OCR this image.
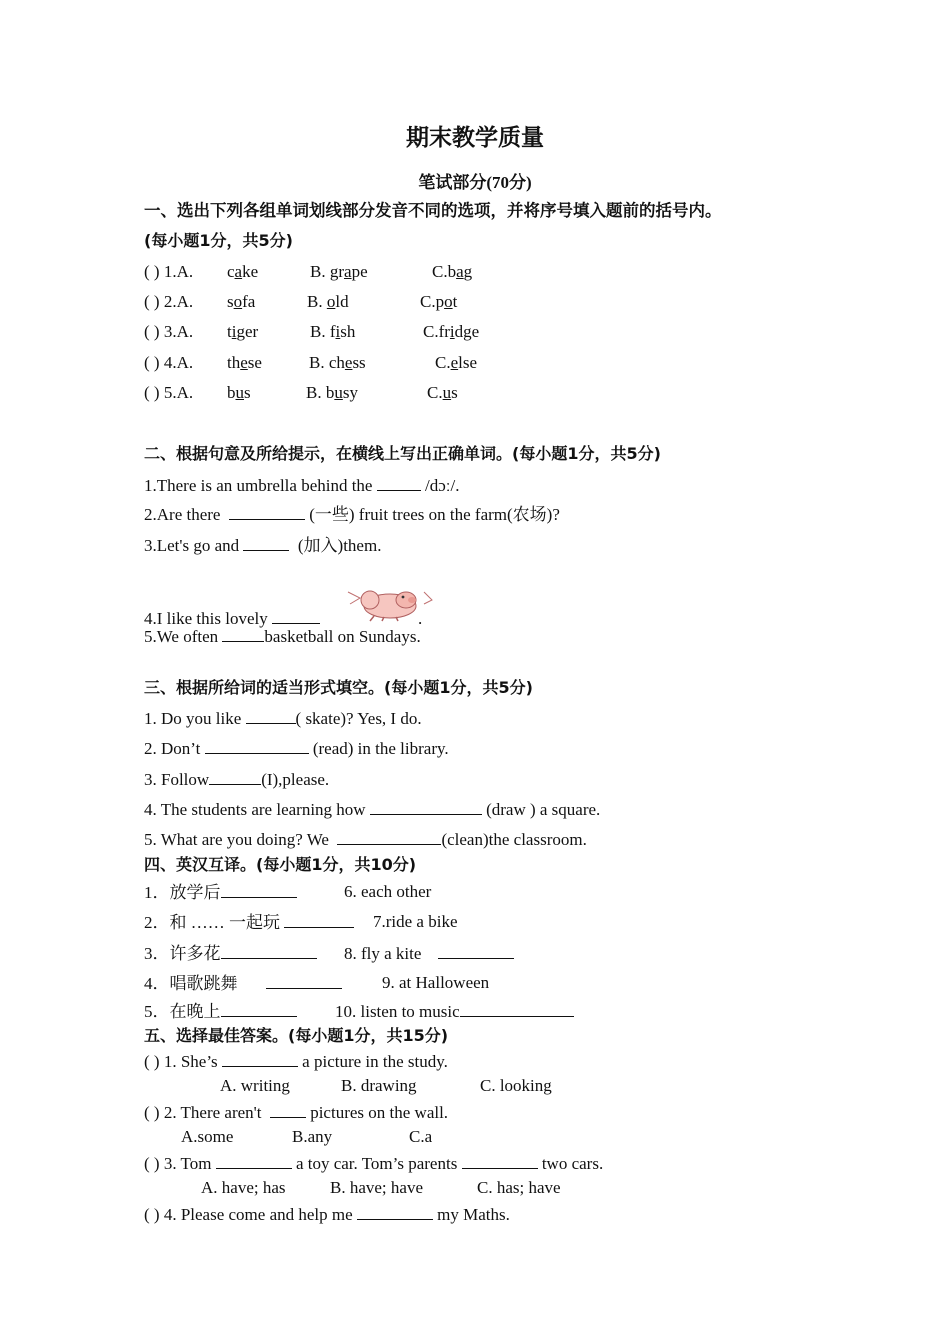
期末教学质量
笔试部分(70分)
一、选出下列各组单词划线部分发音不同的选项，并将序号填入题前的括号内。
(每小题1分，共5分)
( ) 1.A. cake	B. grape	C.bag
( ) 2.A. sofa	B. old	C.pot
( ) 3.A. tiger	B. fish	C.fridge
( ) 4.A. these	B. chess	C.else
( ) 5.A. bus	B. busy	C.us
二、根据句意及所给提示，在横线上写出正确单词。(每小题1分，共5分)
1.There is an umbrella behind the	/dɔː/.
2.Are there	(一些) fruit trees on the farm(农场)?
3.Let's go and	(加入)them.
4.I like this lovely	.
5.We often	basketball on Sundays.
三、根据所给词的适当形式填空。(每小题1分，共5分)
1. Do you like	( skate)? Yes, I do.
2. Don’t	(read) in the library.
3. Follow	(I),please.
4. The students are learning how	(draw ) a square.
5. What are you doing? We	(clean)the classroom.
四、英汉互译。(每小题1分，共10分)
1．放学后	6. each other
2．和 …… 一起玩	7.ride a bike
3．许多花	8. fly a kite
4．唱歌跳舞	9. at Halloween
5．在晚上	10. listen to music
五、选择最佳答案。(每小题1分，共15分)
( ) 1. She’s	a picture in the study.
A. writing	B. drawing	C. looking
( ) 2. There aren't	pictures on the wall.
A.some	B.any	C.a
( ) 3. Tom	a toy car. Tom’s parents	two cars.
A. have; has	B. have; have	C. has; have
( ) 4. Please come and help me	my Maths.
